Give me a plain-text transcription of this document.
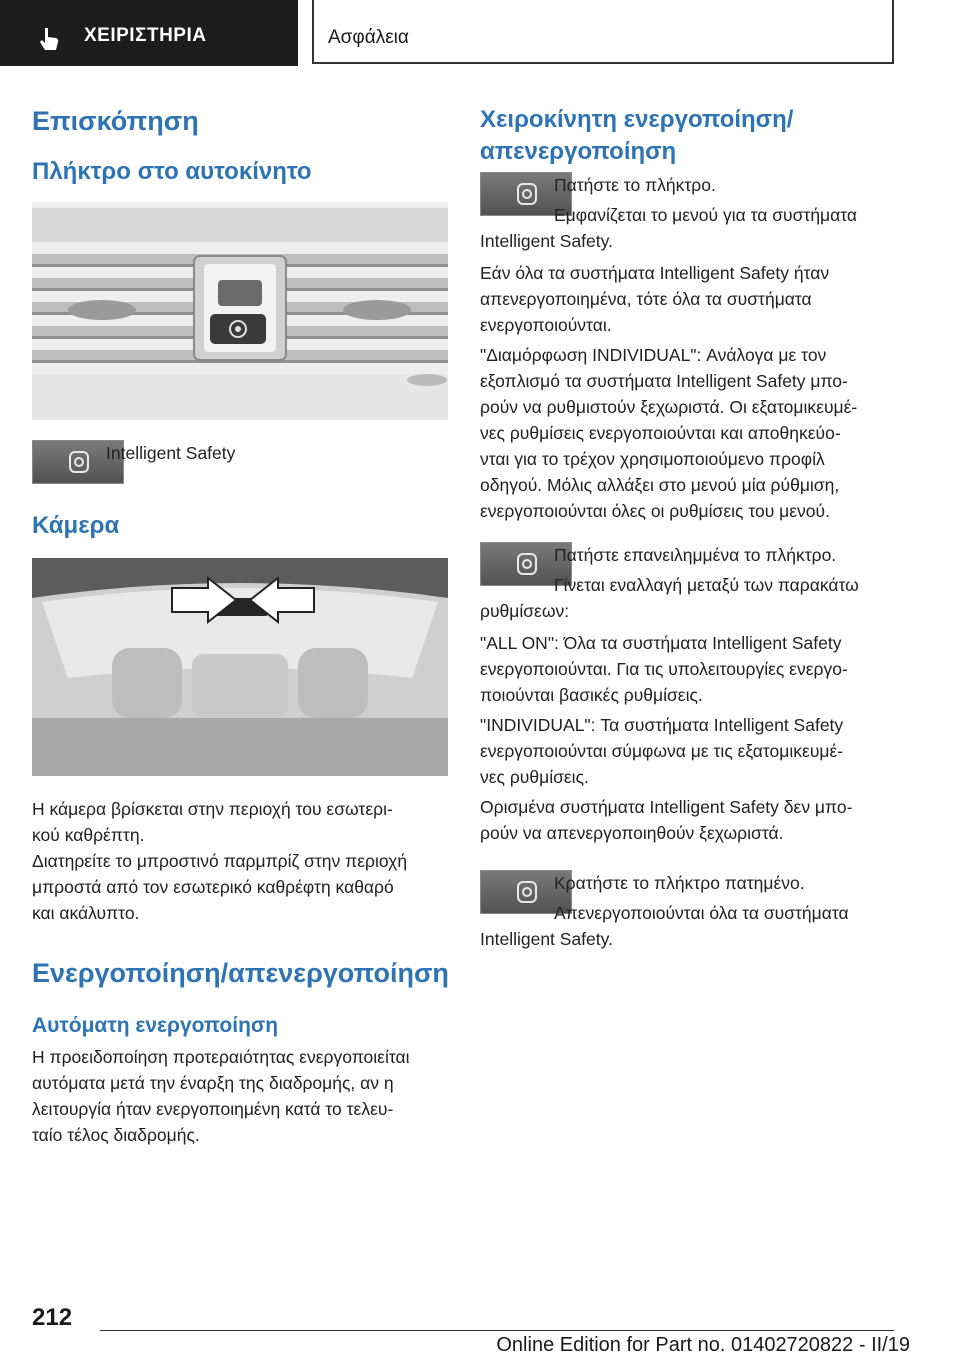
ΧΕΙΡΙΣΤΗΡΙΑ	Ασφάλεια
Επισκόπηση
Πλήκτρο στο αυτοκίνητο

Intelligent Safety

Κάμερα

Η κάμερα βρίσκεται στην περιοχή του εσωτερι-
κού καθρέπτη.

Διατηρείτε το μπροστινό παρμπρίζ στην περιοχή
μπροστά από τον εσωτερικό καθρέφτη καθαρό
και ακάλυπτο.

Ενεργοποίηση/απενεργοποίηση
Αυτόματη ενεργοποίηση

Η προειδοποίηση προτεραιότητας ενεργοποιείται
αυτόματα μετά την έναρξη της διαδρομής, αν η
λειτουργία ήταν ενεργοποιημένη κατά το τελευ-
ταίο τέλος διαδρομής.

Χειροκίνητη ενεργοποίηση/
απενεργοποίηση

Πατήστε το πλήκτρο.

Εμφανίζεται το μενού για τα συστήματα
Intelligent Safety.

Εάν όλα τα συστήματα Intelligent Safety ήταν
απενεργοποιημένα, τότε όλα τα συστήματα
ενεργοποιούνται.

"Διαμόρφωση INDIVIDUAL": Ανάλογα με τον
εξοπλισμό τα συστήματα Intelligent Safety μπο-
ρούν να ρυθμιστούν ξεχωριστά. Οι εξατομικευμέ-
νες ρυθμίσεις ενεργοποιούνται και αποθηκεύο-
νται για το τρέχον χρησιμοποιούμενο προφίλ
οδηγού. Μόλις αλλάξει στο μενού μία ρύθμιση,
ενεργοποιούνται όλες οι ρυθμίσεις του μενού.

Πατήστε επανειλημμένα το πλήκτρο.

Γίνεται εναλλαγή μεταξύ των παρακάτω
ρυθμίσεων:

"ALL ON": Όλα τα συστήματα Intelligent Safety
ενεργοποιούνται. Για τις υπολειτουργίες ενεργο-
ποιούνται βασικές ρυθμίσεις.

"INDIVIDUAL": Τα συστήματα Intelligent Safety
ενεργοποιούνται σύμφωνα με τις εξατομικευμέ-
νες ρυθμίσεις.

Ορισμένα συστήματα Intelligent Safety δεν μπο-
ρούν να απενεργοποιηθούν ξεχωριστά.

Κρατήστε το πλήκτρο πατημένο.

Απενεργοποιούνται όλα τα συστήματα
Intelligent Safety.

212
Online Edition for Part no. 01402720822 - II/19
